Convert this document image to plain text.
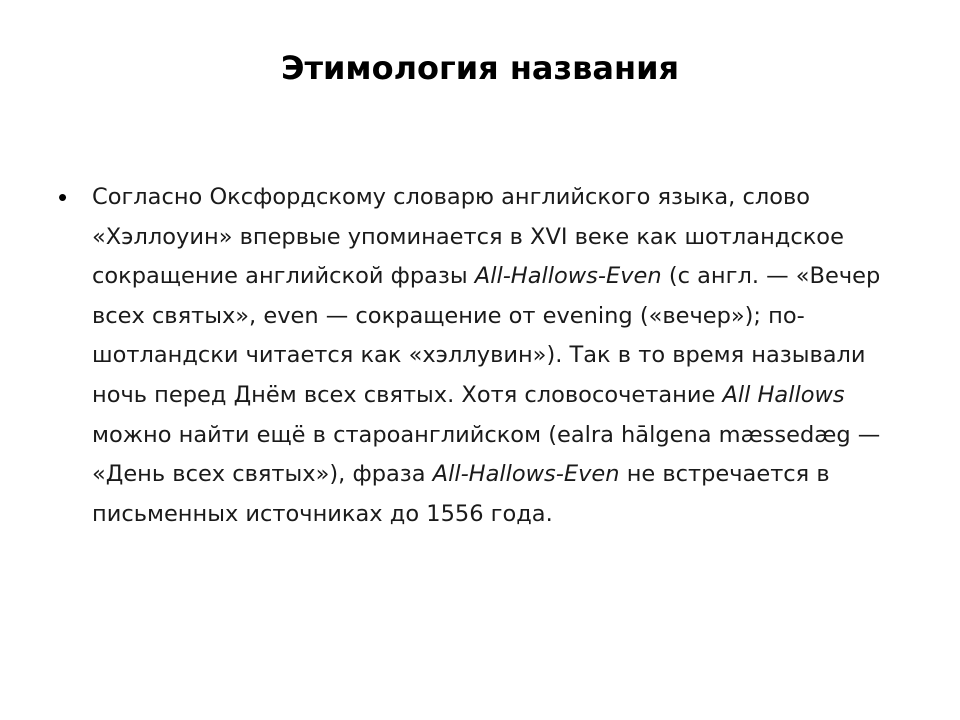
Этимология названия
• Согласно Оксфордскому словарю английского языка, слово «Хэллоуин» впервые упоминается в XVI веке как шотландское сокращение английской фразы All-Hallows-Even (с англ. — «Вечер всех святых», even — сокращение от evening («вечер»); по-шотландски читается как «хэллувин»). Так в то время называли ночь перед Днём всех святых. Хотя словосочетание All Hallows можно найти ещё в староанглийском (ealra hālgena mæssedæg — «День всех святых»), фраза All-Hallows-Even не встречается в письменных источниках до 1556 года.
